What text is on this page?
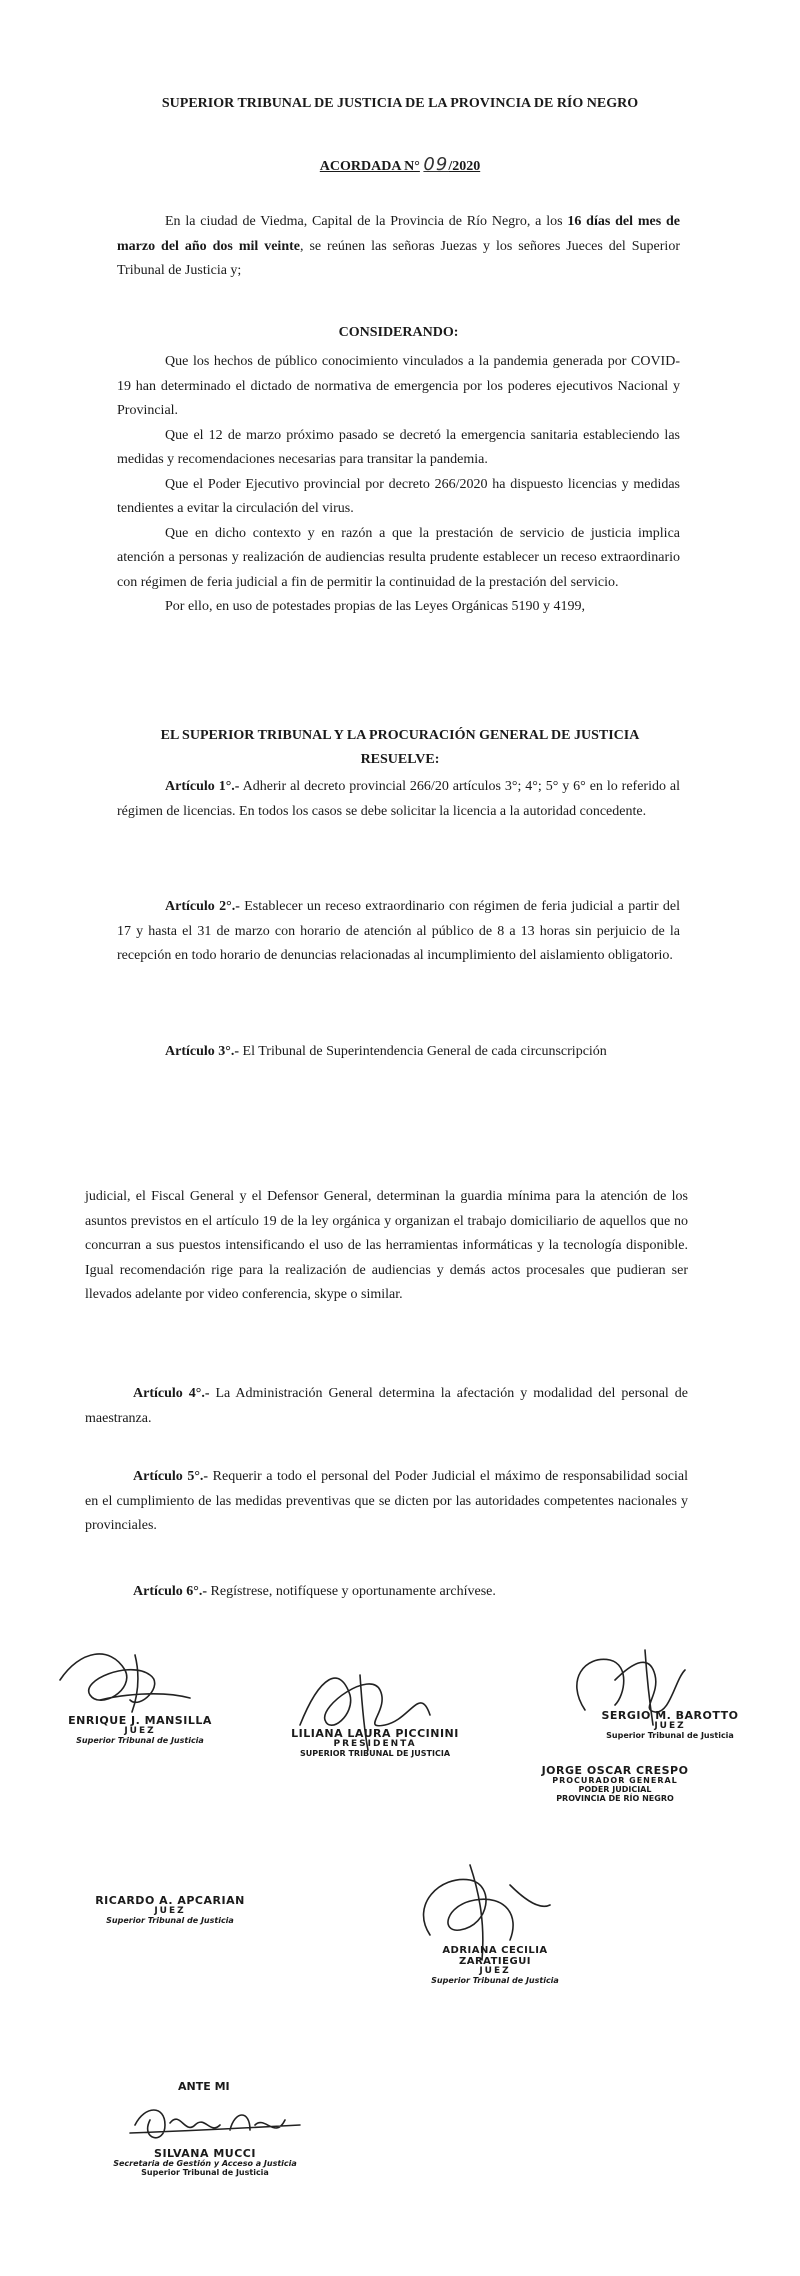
SUPERIOR TRIBUNAL DE JUSTICIA DE LA PROVINCIA DE RÍO NEGRO
ACORDADA N° 09/2020

En la ciudad de Viedma, Capital de la Provincia de Río Negro, a los 16 días del mes de marzo del año dos mil veinte, se reúnen las señoras Juezas y los señores Jueces del Superior Tribunal de Justicia y;

CONSIDERANDO:

Que los hechos de público conocimiento vinculados a la pandemia generada por COVID-19 han determinado el dictado de normativa de emergencia por los poderes ejecutivos Nacional y Provincial.

Que el 12 de marzo próximo pasado se decretó la emergencia sanitaria estableciendo las medidas y recomendaciones necesarias para transitar la pandemia.

Que el Poder Ejecutivo provincial por decreto 266/2020 ha dispuesto licencias y medidas tendientes a evitar la circulación del virus.

Que en dicho contexto y en razón a que la prestación de servicio de justicia implica atención a personas y realización de audiencias resulta prudente establecer un receso extraordinario con régimen de feria judicial a fin de permitir la continuidad de la prestación del servicio.

Por ello, en uso de potestades propias de las Leyes Orgánicas 5190 y 4199,

EL SUPERIOR TRIBUNAL Y LA PROCURACIÓN GENERAL DE JUSTICIA
RESUELVE:

Artículo 1°.- Adherir al decreto provincial 266/20 artículos 3°; 4°; 5° y 6° en lo referido al régimen de licencias. En todos los casos se debe solicitar la licencia a la autoridad concedente.

Artículo 2°.- Establecer un receso extraordinario con régimen de feria judicial a partir del 17 y hasta el 31 de marzo con horario de atención al público de 8 a 13 horas sin perjuicio de la recepción en todo horario de denuncias relacionadas al incumplimiento del aislamiento obligatorio.

Artículo 3°.- El Tribunal de Superintendencia General de cada circunscripción

judicial, el Fiscal General y el Defensor General, determinan la guardia mínima para la atención de los asuntos previstos en el artículo 19 de la ley orgánica y organizan el trabajo domiciliario de aquellos que no concurran a sus puestos intensificando el uso de las herramientas informáticas y la tecnología disponible. Igual recomendación rige para la realización de audiencias y demás actos procesales que pudieran ser llevados adelante por video conferencia, skype o similar.

Artículo 4°.- La Administración General determina la afectación y modalidad del personal de maestranza.

Artículo 5°.- Requerir a todo el personal del Poder Judicial el máximo de responsabilidad social en el cumplimiento de las medidas preventivas que se dicten por las autoridades competentes nacionales y provinciales.

Artículo 6°.- Regístrese, notifíquese y oportunamente archívese.

ENRIQUE J. MANSILLA
JUEZ
Superior Tribunal de Justicia
LILIANA LAURA PICCININI
PRESIDENTA
SUPERIOR TRIBUNAL DE JUSTICIA
SERGIO M. BAROTTO
JUEZ
Superior Tribunal de Justicia
JORGE OSCAR CRESPO
PROCURADOR GENERAL
PODER JUDICIAL
PROVINCIA DE RÍO NEGRO
RICARDO A. APCARIAN
JUEZ
Superior Tribunal de Justicia
ADRIANA CECILIA ZARATIEGUI
JUEZ
Superior Tribunal de Justicia
ANTE MI
SILVANA MUCCI
Secretaria de Gestión y Acceso a Justicia
Superior Tribunal de Justicia
